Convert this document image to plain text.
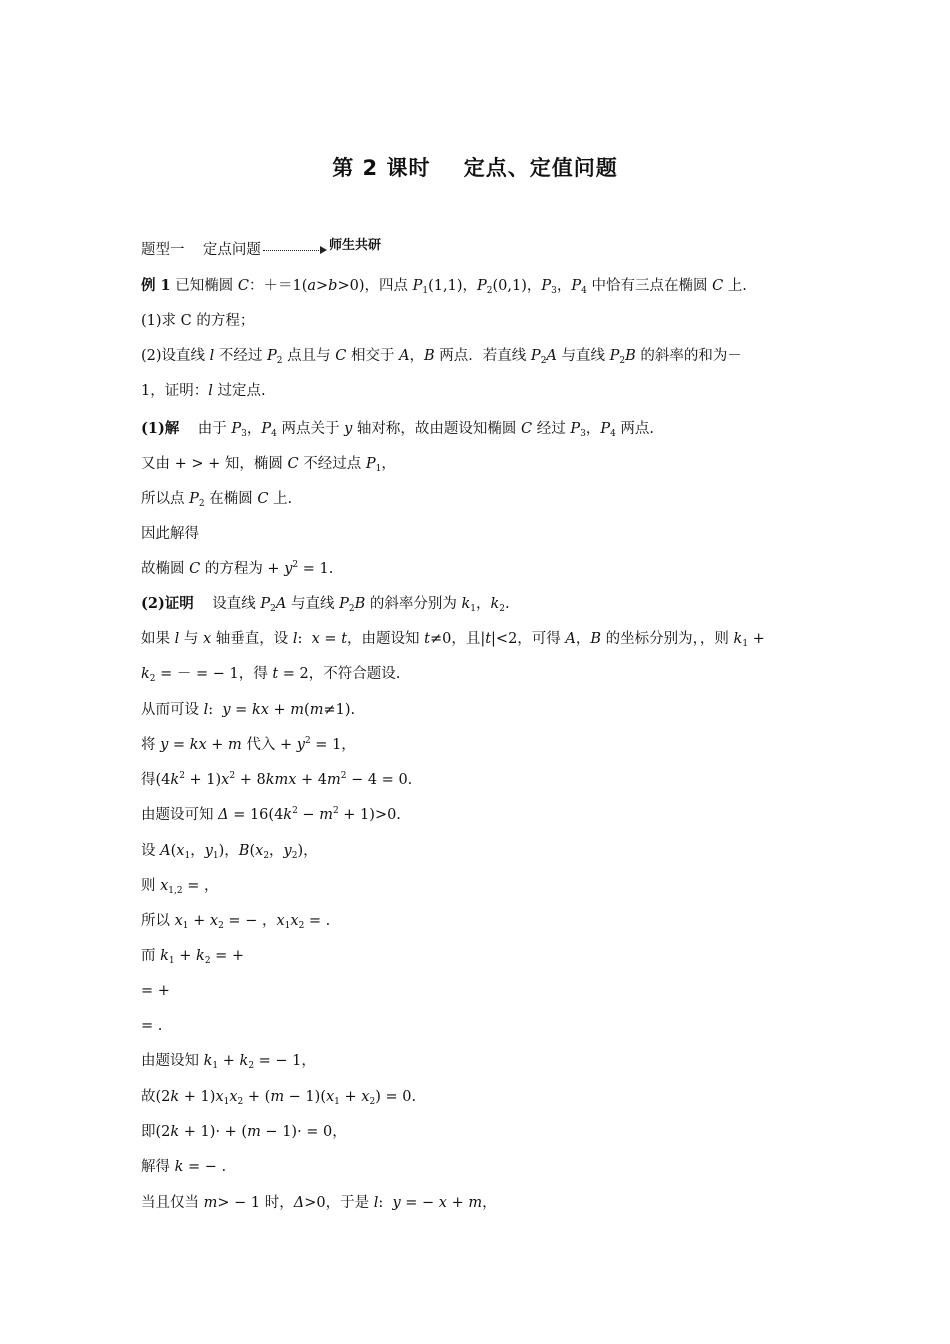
第 2 课时    定点、定值问题
题型一    定点问题	师生共研
例 1 已知椭圆 C：＋＝1(a>b>0)，四点 $P_1(1,1)$，$P_2(0,1)$，$P_3$，$P_4$ 中恰有三点在椭圆 C 上.
(1)求 C 的方程；
(2)设直线 l 不经过 $P_2$ 点且与 C 相交于 A，B 两点．若直线 $P_2A$ 与直线 $P_2B$ 的斜率的和为－
1，证明：l 过定点.
(1)解    由于 $P_3$，$P_4$ 两点关于 y 轴对称，故由题设知椭圆 C 经过 $P_3$，$P_4$ 两点.
又由 + > + 知，椭圆 C 不经过点 $P_1$，
所以点 $P_2$ 在椭圆 C 上.
因此解得
故椭圆 C 的方程为 + $y^2 = 1$.
(2)证明    设直线 $P_2A$ 与直线 $P_2B$ 的斜率分别为 $k_1$，$k_2$.
如果 l 与 x 轴垂直，设 l:  x = t，由题设知 t≠0，且|t|<2，可得 A，B 的坐标分别为，，则 $k_1$ +
$k_2$ = － = − 1，得 t = 2，不符合题设.
从而可设 l:  y = kx + m(m≠1).
将 y = kx + m 代入 + $y^2 = 1$，
得$(4k^2 + 1)x^2 + 8kmx + 4m^2 - 4 = 0$.
由题设可知 $\Delta = 16(4k^2 - m^2 + 1)>0$.
设 $A(x_1$，$y_1$)，$B(x_2$，$y_2$)，
则 $x_{1,2}$ = ，
所以 $x_1 + x_2$ = − ，$x_1x_2$ = .
而 $k_1 + k_2$ = +
= +
= .
由题设知 $k_1 + k_2$ = − 1，
故$(2k + 1)x_1x_2 + (m - 1)(x_1 + x_2) = 0$.
即(2k + 1)· + (m − 1)· = 0，
解得 k = − .
当且仅当 m> − 1 时，Δ>0，于是 l:  y = − x + m，
